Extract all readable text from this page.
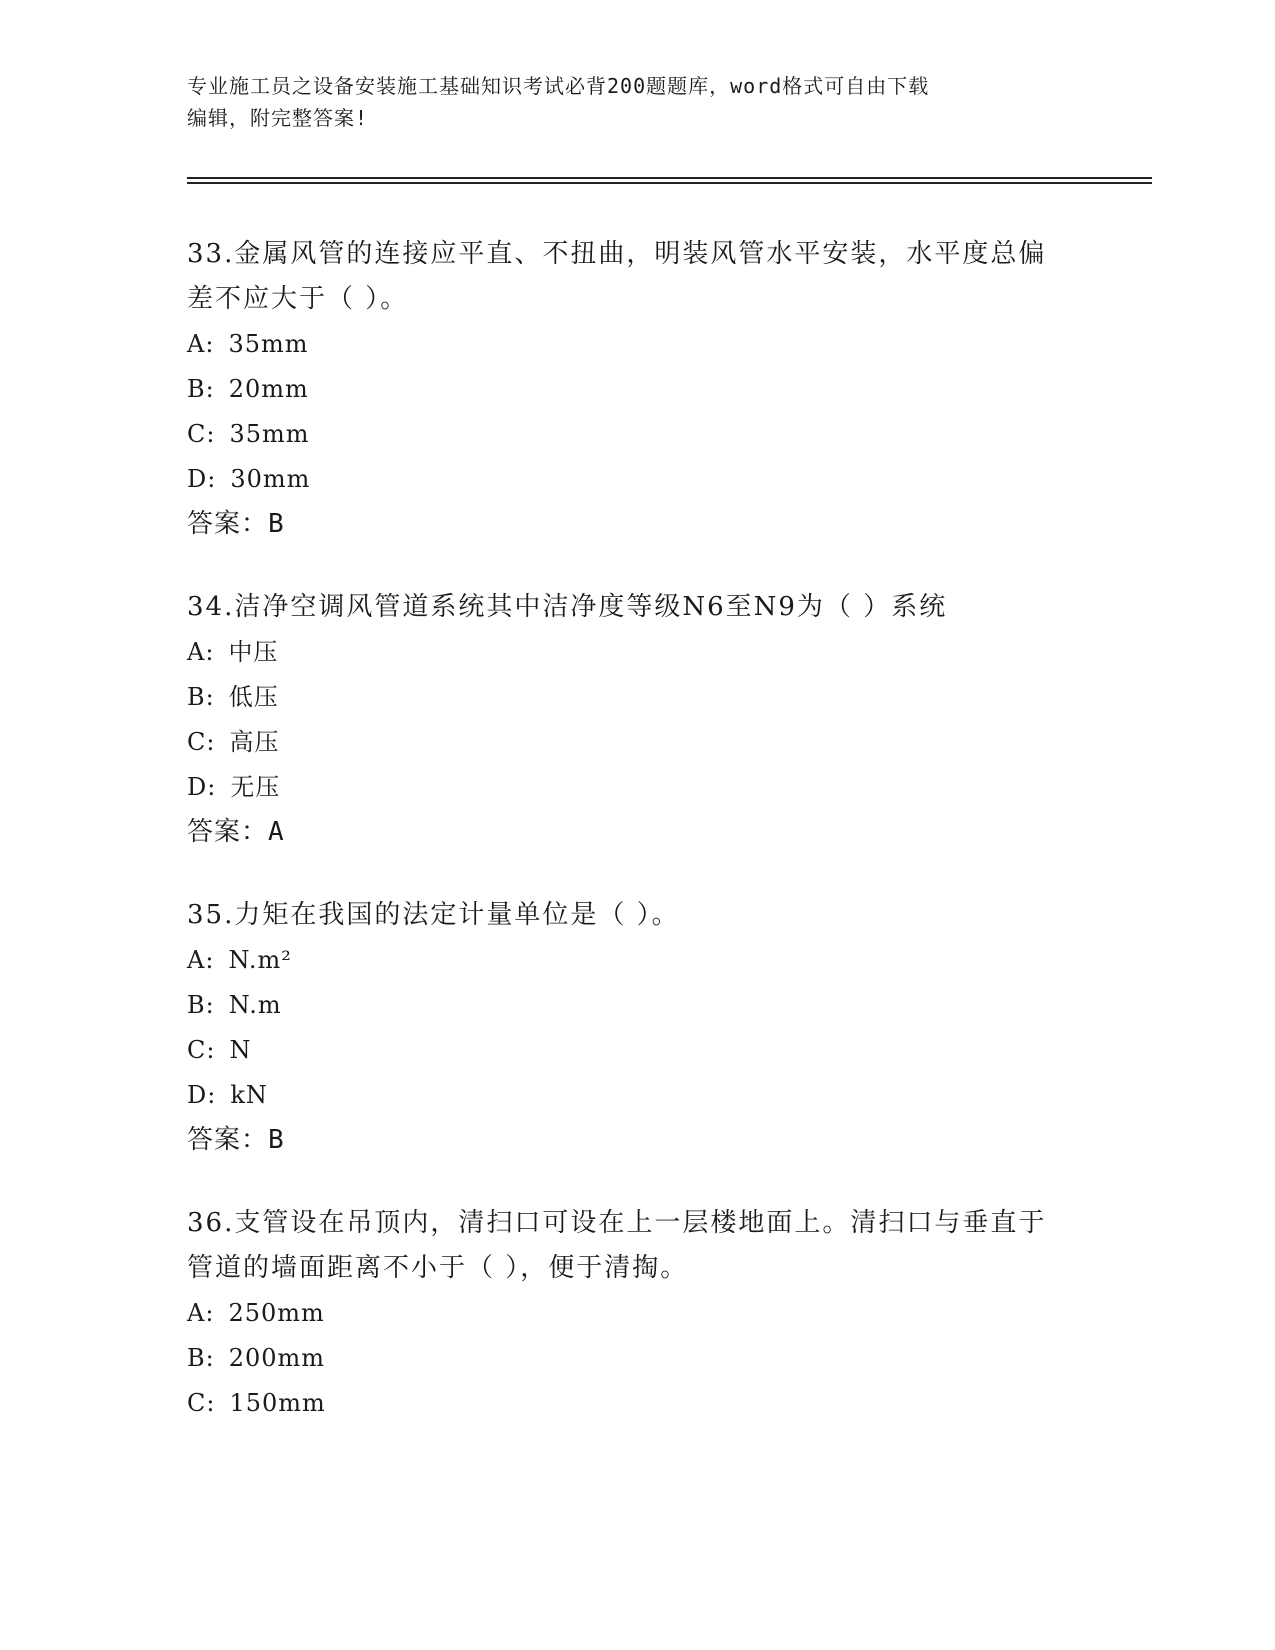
专业施工员之设备安装施工基础知识考试必背200题题库，word格式可自由下载
编辑，附完整答案!

33.金属风管的连接应平直、不扭曲，明装风管水平安装，水平度总偏

差不应大于（ ）。

A : 35mm

B : 20mm

C : 35mm

D : 30mm

答案：B

34.洁净空调风管道系统其中洁净度等级N6至N9为（ ）系统

A : 中压

B : 低压

C : 高压

D : 无压

答案：A

35.力矩在我国的法定计量单位是（ ）。

A : N.m²

B : N.m

C : N

D : kN

答案：B

36.支管设在吊顶内，清扫口可设在上一层楼地面上。清扫口与垂直于

管道的墙面距离不小于（ ），便于清掏。

A : 250mm

B : 200mm

C : 150mm
